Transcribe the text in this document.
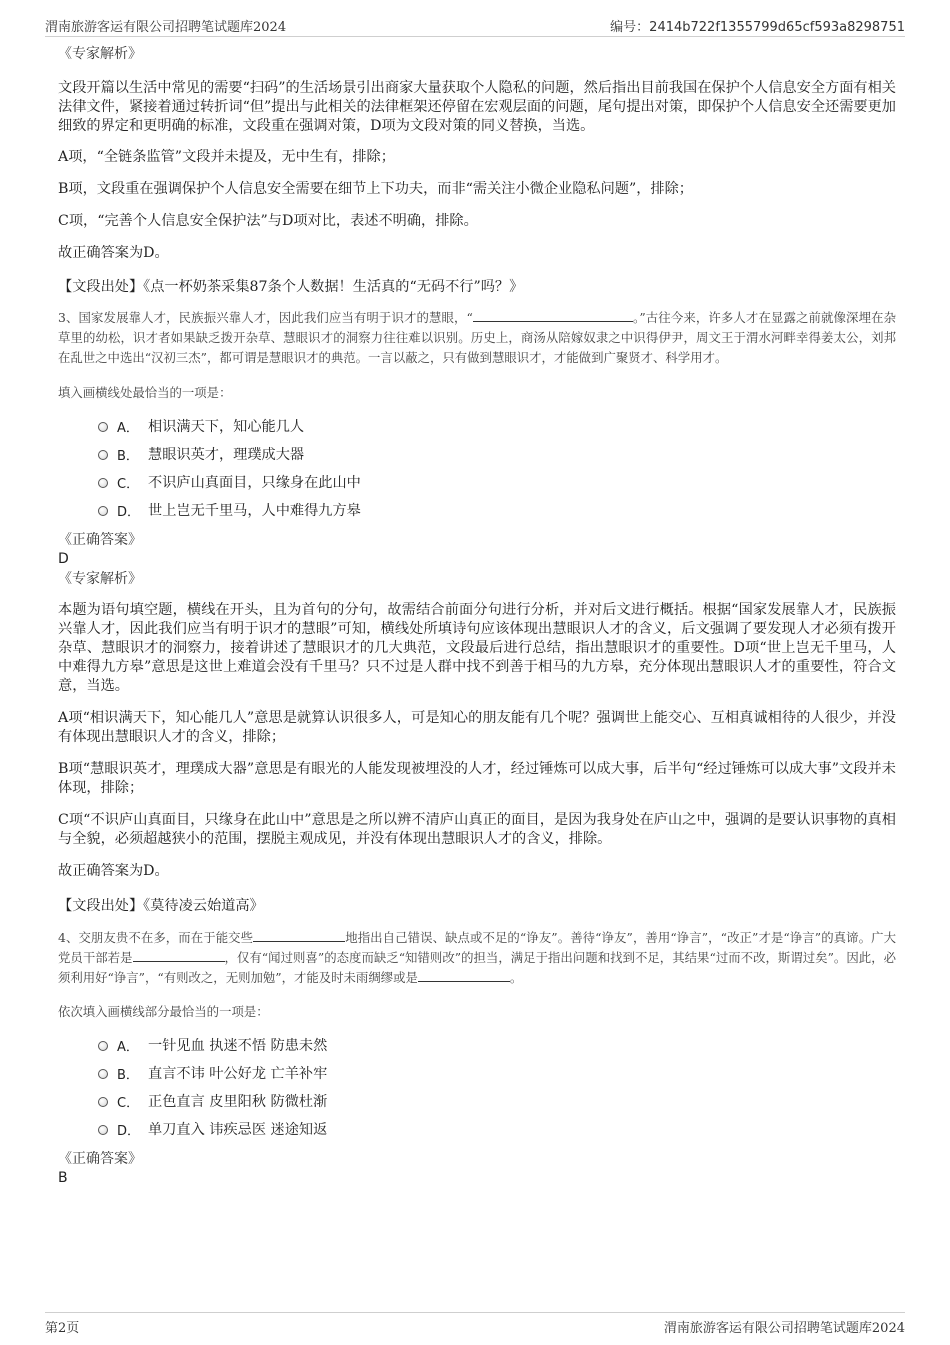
渭南旅游客运有限公司招聘笔试题库2024	编号：2414b722f1355799d65cf593a8298751
《专家解析》

文段开篇以生活中常见的需要“扫码”的生活场景引出商家大量获取个人隐私的问题，然后指出目前我国在保护个人信息安全方面有相关法律文件，紧接着通过转折词“但”提出与此相关的法律框架还停留在宏观层面的问题，尾句提出对策，即保护个人信息安全还需要更加细致的界定和更明确的标准，文段重在强调对策，D项为文段对策的同义替换，当选。

A项，“全链条监管”文段并未提及，无中生有，排除；

B项，文段重在强调保护个人信息安全需要在细节上下功夫，而非“需关注小微企业隐私问题”，排除；

C项，“完善个人信息安全保护法”与D项对比，表述不明确，排除。

故正确答案为D。

【文段出处】《点一杯奶茶采集87条个人数据！生活真的“无码不行”吗？》

3、国家发展靠人才，民族振兴靠人才，因此我们应当有明于识才的慧眼，“	。”古往今来，许多人才在显露之前就像深埋在杂草里的幼松，识才者如果缺乏拨开杂草、慧眼识才的洞察力往往难以识别。历史上，商汤从陪嫁奴隶之中识得伊尹，周文王于渭水河畔幸得姜太公，刘邦在乱世之中选出“汉初三杰”，都可谓是慧眼识才的典范。一言以蔽之，只有做到慧眼识才，才能做到广聚贤才、科学用才。

填入画横线处最恰当的一项是：

A． 相识满天下，知心能几人
B． 慧眼识英才，理璞成大器
C． 不识庐山真面目，只缘身在此山中
D． 世上岂无千里马，人中难得九方皋
《正确答案》
D
《专家解析》

本题为语句填空题，横线在开头，且为首句的分句，故需结合前面分句进行分析，并对后文进行概括。根据“国家发展靠人才，民族振兴靠人才，因此我们应当有明于识才的慧眼”可知，横线处所填诗句应该体现出慧眼识人才的含义，后文强调了要发现人才必须有拨开杂草、慧眼识才的洞察力，接着讲述了慧眼识才的几大典范，文段最后进行总结，指出慧眼识才的重要性。D项“世上岂无千里马，人中难得九方皋”意思是这世上难道会没有千里马？只不过是人群中找不到善于相马的九方皋，充分体现出慧眼识人才的重要性，符合文意，当选。

A项“相识满天下，知心能几人”意思是就算认识很多人，可是知心的朋友能有几个呢？强调世上能交心、互相真诚相待的人很少，并没有体现出慧眼识人才的含义，排除；

B项“慧眼识英才，理璞成大器”意思是有眼光的人能发现被埋没的人才，经过锤炼可以成大事，后半句“经过锤炼可以成大事”文段并未体现，排除；

C项“不识庐山真面目，只缘身在此山中”意思是之所以辨不清庐山真正的面目，是因为我身处在庐山之中，强调的是要认识事物的真相与全貌，必须超越狭小的范围，摆脱主观成见，并没有体现出慧眼识人才的含义，排除。

故正确答案为D。

【文段出处】《莫待凌云始道高》

4、交朋友贵不在多，而在于能交些	地指出自己错误、缺点或不足的“诤友”。善待“诤友”，善用“诤言”，“改正”才是“诤言”的真谛。广大党员干部若是	，仅有“闻过则喜”的态度而缺乏“知错则改”的担当，满足于指出问题和找到不足，其结果“过而不改，斯谓过矣”。因此，必须利用好“诤言”，“有则改之，无则加勉”，才能及时未雨绸缪或是	。

依次填入画横线部分最恰当的一项是：

A． 一针见血 执迷不悟 防患未然
B． 直言不讳 叶公好龙 亡羊补牢
C． 正色直言 皮里阳秋 防微杜渐
D． 单刀直入 讳疾忌医 迷途知返
《正确答案》
B
第2页	渭南旅游客运有限公司招聘笔试题库2024
